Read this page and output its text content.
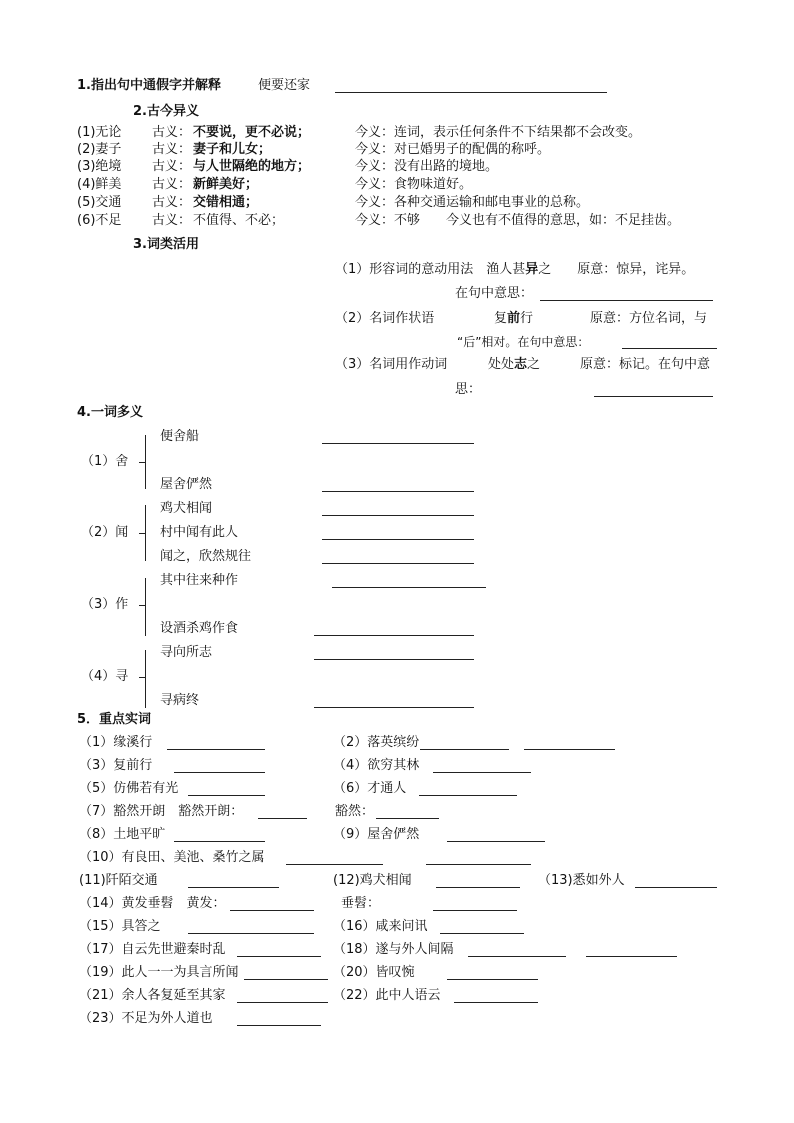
1.指出句中通假字并解释	便要还家
2.古今异义
(1)无论 古义： 不要说，更不必说；	今义：连词，表示任何条件不下结果都不会改变。
(2)妻子 古义： 妻子和儿女；	今义：对已婚男子的配偶的称呼。
(3)绝境 古义： 与人世隔绝的地方；	今义：没有出路的境地。
(4)鲜美 古义： 新鲜美好；	今义：食物味道好。
(5)交通 古义： 交错相通；	今义：各种交通运输和邮电事业的总称。
(6)不足 古义： 不值得、不必；	今义：不够　　今义也有不值得的意思，如：不足挂齿。
3.词类活用
（1）形容词的意动用法　渔人甚异之　　原意：惊异，诧异。
在句中意思：
（2）名词作状语	复前行	原意：方位名词，与
“后”相对。在句中意思：
（3）名词用作动词	处处志之	原意：标记。在句中意
思：
4.一词多义
（1）舍
便舍船
屋舍俨然
（2）闻
鸡犬相闻
村中闻有此人
闻之，欣然规往
（3）作
其中往来种作
设酒杀鸡作食
（4）寻
寻向所志
寻病终
5．重点实词
（1）缘溪行	（2）落英缤纷
（3）复前行	（4）欲穷其林
（5）仿佛若有光	（6）才通人
（7）豁然开朗　豁然开朗：	豁然：
（8）土地平旷	（9）屋舍俨然
（10）有良田、美池、桑竹之属
(11)阡陌交通	(12)鸡犬相闻	（13)悉如外人
（14）黄发垂髫　黄发：	垂髫：
（15）具答之	（16）咸来问讯
（17）自云先世避秦时乱	（18）遂与外人间隔
（19）此人一一为具言所闻	（20）皆叹惋
（21）余人各复延至其家	（22）此中人语云
（23）不足为外人道也
